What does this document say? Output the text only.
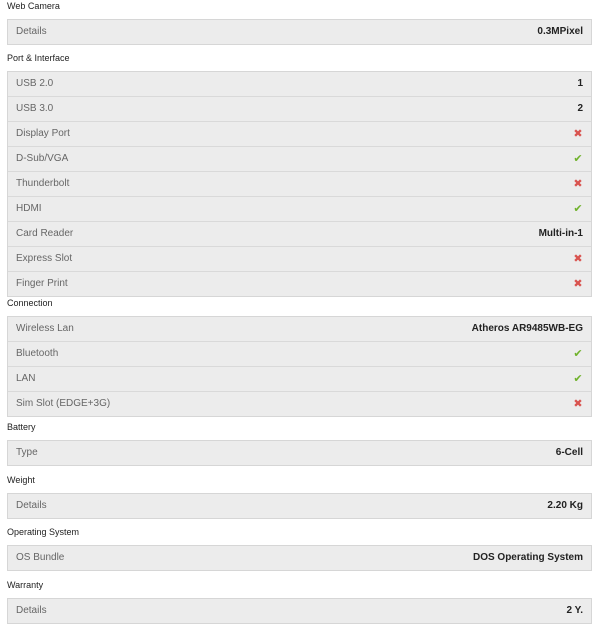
Web Camera
Details	0.3MPixel
Port & Interface
USB 2.0	1
USB 3.0	2
Display Port	✖
D-Sub/VGA	✔
Thunderbolt	✖
HDMI	✔
Card Reader	Multi-in-1
Express Slot	✖
Finger Print	✖
Connection
Wireless Lan	Atheros AR9485WB-EG
Bluetooth	✔
LAN	✔
Sim Slot (EDGE+3G)	✖
Battery
Type	6-Cell
Weight
Details	2.20 Kg
Operating System
OS Bundle	DOS Operating System
Warranty
Details	2 Y.
